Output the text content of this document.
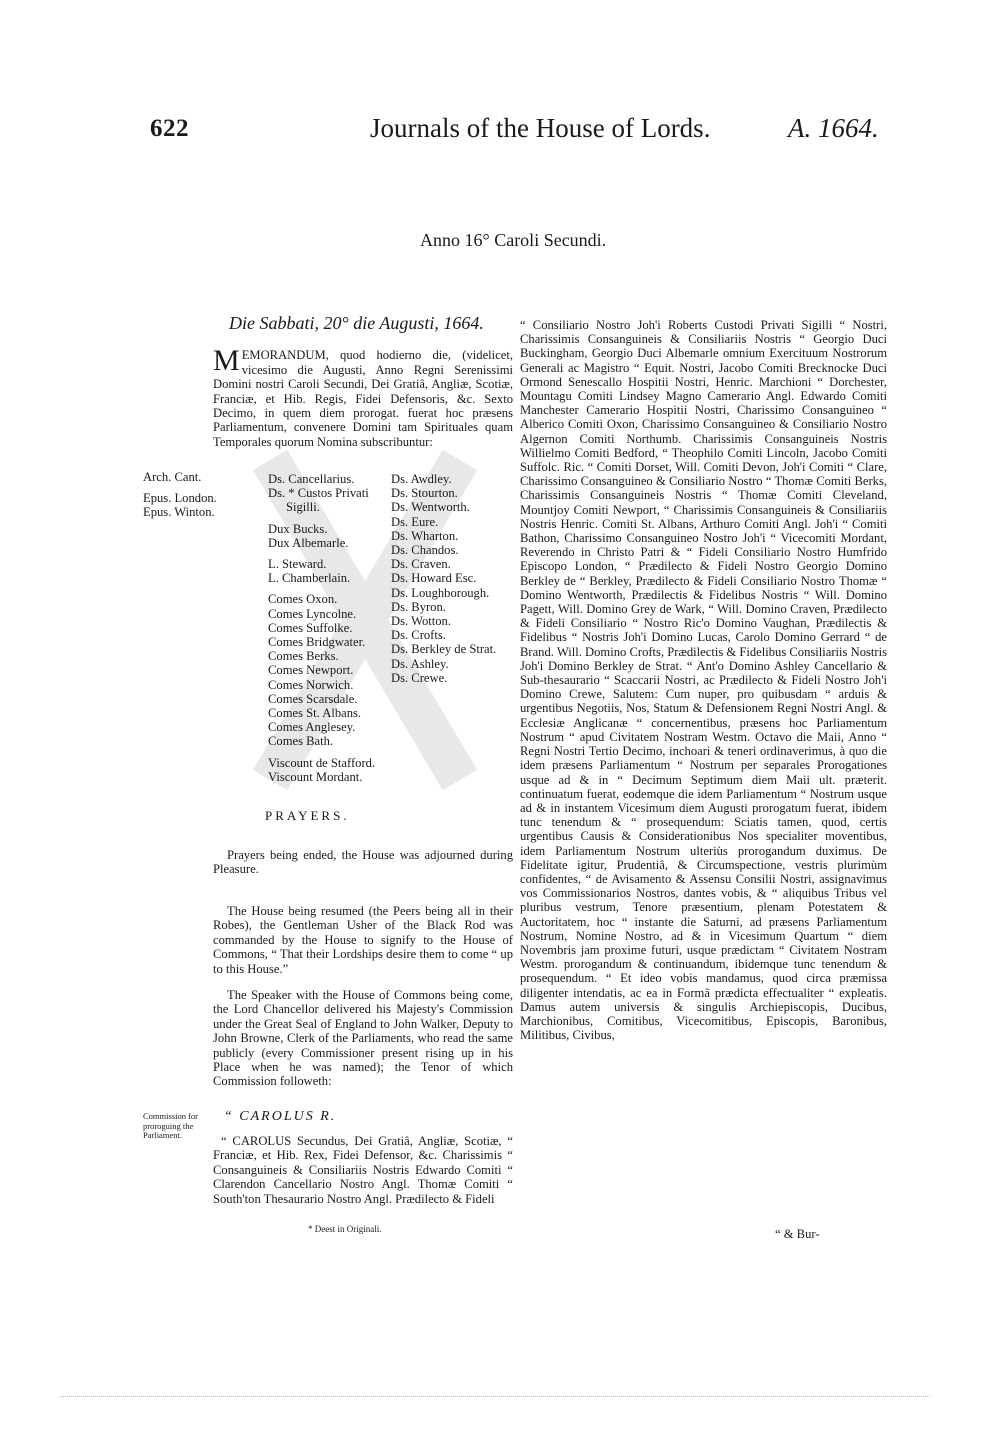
622	Journals of the House of Lords.	A. 1664.
Anno 16° Caroli Secundi.
Die Sabbati, 20° die Augusti, 1664.

MEMORANDUM, quod hodierno die, (videlicet, vicesimo die Augusti, Anno Regni Serenissimi Domini nostri Caroli Secundi, Dei Gratiâ, Angliæ, Scotiæ, Franciæ, et Hib. Regis, Fidei Defensoris, &c. Sexto Decimo, in quem diem prorogat. fuerat hoc præsens Parliamentum, convenere Domini tam Spirituales quam Temporales quorum Nomina subscribuntur:

Arch. Cant.
Epus. London.
Epus. Winton.
Ds. Cancellarius.
Ds. * Custos Privati
Sigilli.
Dux Bucks.
Dux Albemarle.
L. Steward.
L. Chamberlain.
Comes Oxon.
Comes Lyncolne.
Comes Suffolke.
Comes Bridgwater.
Comes Berks.
Comes Newport.
Comes Norwich.
Comes Scarsdale.
Comes St. Albans.
Comes Anglesey.
Comes Bath.
Viscount de Stafford.
Viscount Mordant.
Ds. Awdley.
Ds. Stourton.
Ds. Wentworth.
Ds. Eure.
Ds. Wharton.
Ds. Chandos.
Ds. Craven.
Ds. Howard Esc.
Ds. Loughborough.
Ds. Byron.
Ds. Wotton.
Ds. Crofts.
Ds. Berkley de Strat.
Ds. Ashley.
Ds. Crewe.
PRAYERS.

Prayers being ended, the House was adjourned during Pleasure.

The House being resumed (the Peers being all in their Robes), the Gentleman Usher of the Black Rod was commanded by the House to signify to the House of Commons, “ That their Lordships desire them to come “ up to this House.”

The Speaker with the House of Commons being come, the Lord Chancellor delivered his Majesty's Commission under the Great Seal of England to John Walker, Deputy to John Browne, Clerk of the Parliaments, who read the same publicly (every Commissioner present rising up in his Place when he was named); the Tenor of which Commission followeth:

Commission for proroguing the Parliament.
“ CAROLUS R.

“ CAROLUS Secundus, Dei Gratiâ, Angliæ, Scotiæ, “ Franciæ, et Hib. Rex, Fidei Defensor, &c. Charissimis “ Consanguineis & Consiliariis Nostris Edwardo Comiti “ Clarendon Cancellario Nostro Angl. Thomæ Comiti “ South'ton Thesaurario Nostro Angl. Prædilecto & Fideli

* Deest in Originali.
“ Consiliario Nostro Joh'i Roberts Custodi Privati Sigilli “ Nostri, Charissimis Consanguineis & Consiliariis Nostris “ Georgio Duci Buckingham, Georgio Duci Albemarle omnium Exercituum Nostrorum Generali ac Magistro “ Equit. Nostri, Jacobo Comiti Brecknocke Duci Ormond Senescallo Hospitii Nostri, Henric. Marchioni “ Dorchester, Mountagu Comiti Lindsey Magno Camerario Angl. Edwardo Comiti Manchester Camerario Hospitii Nostri, Charissimo Consanguineo “ Alberico Comiti Oxon, Charissimo Consanguineo & Consiliario Nostro Algernon Comiti Northumb. Charissimis Consanguineis Nostris Willielmo Comiti Bedford, “ Theophilo Comiti Lincoln, Jacobo Comiti Suffolc. Ric. “ Comiti Dorset, Will. Comiti Devon, Joh'i Comiti “ Clare, Charissimo Consanguineo & Consiliario Nostro “ Thomæ Comiti Berks, Charissimis Consanguineis Nostris “ Thomæ Comiti Cleveland, Mountjoy Comiti Newport, “ Charissimis Consanguineis & Consiliariis Nostris Henric. Comiti St. Albans, Arthuro Comiti Angl. Joh'i “ Comiti Bathon, Charissimo Consanguineo Nostro Joh'i “ Vicecomiti Mordant, Reverendo in Christo Patri & “ Fideli Consiliario Nostro Humfrido Episcopo London, “ Prædilecto & Fideli Nostro Georgio Domino Berkley de “ Berkley, Prædilecto & Fideli Consiliario Nostro Thomæ “ Domino Wentworth, Prædilectis & Fidelibus Nostris “ Will. Domino Pagett, Will. Domino Grey de Wark, “ Will. Domino Craven, Prædilecto & Fideli Consiliario “ Nostro Ric'o Domino Vaughan, Prædilectis & Fidelibus “ Nostris Joh'i Domino Lucas, Carolo Domino Gerrard “ de Brand. Will. Domino Crofts, Prædilectis & Fidelibus Consiliariis Nostris Joh'i Domino Berkley de Strat. “ Ant'o Domino Ashley Cancellario & Sub-thesaurario “ Scaccarii Nostri, ac Prædilecto & Fideli Nostro Joh'i Domino Crewe, Salutem: Cum nuper, pro quibusdam “ arduis & urgentibus Negotiis, Nos, Statum & Defensionem Regni Nostri Angl. & Ecclesiæ Anglicanæ “ concernentibus, præsens hoc Parliamentum Nostrum “ apud Civitatem Nostram Westm. Octavo die Maii, Anno “ Regni Nostri Tertio Decimo, inchoari & teneri ordinaverimus, à quo die idem præsens Parliamentum “ Nostrum per separales Prorogationes usque ad & in “ Decimum Septimum diem Maii ult. præterit. continuatum fuerat, eodemque die idem Parliamentum “ Nostrum usque ad & in instantem Vicesimum diem Augusti prorogatum fuerat, ibidem tunc tenendum & “ prosequendum: Sciatis tamen, quod, certis urgentibus Causis & Considerationibus Nos specialiter moventibus, idem Parliamentum Nostrum ulteriùs prorogandum duximus. De Fidelitate igitur, Prudentiâ, & Circumspectione, vestris plurimùm confidentes, “ de Avisamento & Assensu Consilii Nostri, assignavimus vos Commissionarios Nostros, dantes vobis, & “ aliquibus Tribus vel pluribus vestrum, Tenore præsentium, plenam Potestatem & Auctoritatem, hoc “ instante die Saturni, ad præsens Parliamentum Nostrum, Nomine Nostro, ad & in Vicesimum Quartum “ diem Novembris jam proxime futuri, usque prædictam “ Civitatem Nostram Westm. prorogandum & continuandum, ibidemque tunc tenendum & prosequendum. “ Et ideo vobis mandamus, quod circa præmissa diligenter intendatis, ac ea in Formâ prædicta effectualiter “ expleatis. Damus autem universis & singulis Archiepiscopis, Ducibus, Marchionibus, Comitibus, Vicecomitibus, Episcopis, Baronibus, Militibus, Civibus,
“ & Bur-
